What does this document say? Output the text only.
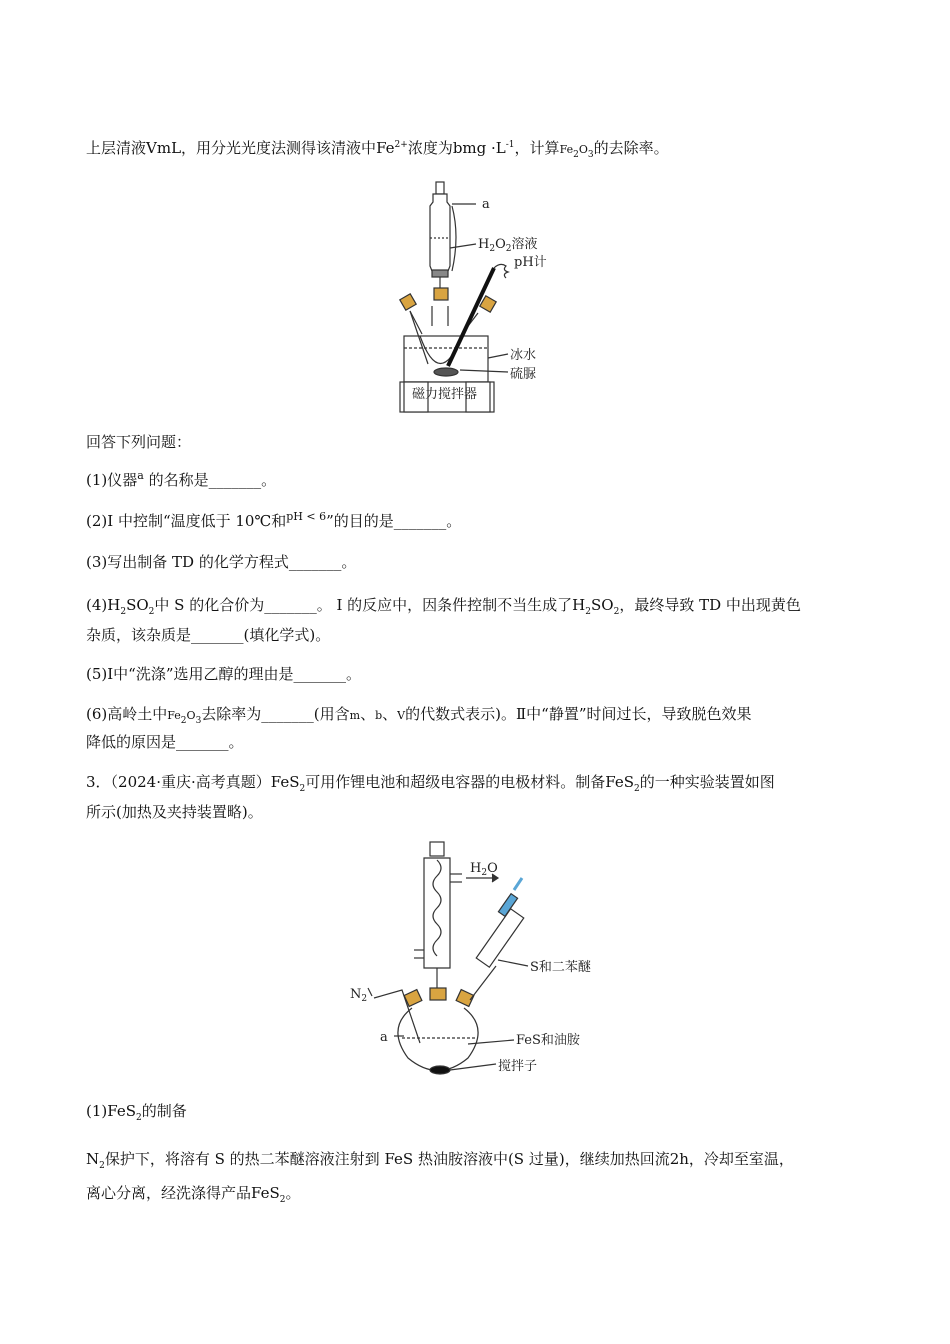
上层清液VmL，用分光光度法测得该清液中$Fe^{2+}$浓度为bmg $\cdot L^{-1}$，计算$Fe_2O_3$的去除率。
a
$H_2O_2$溶液
pH计
冰水
硫脲
磁力搅拌器
回答下列问题：
(1)仪器$^a$ 的名称是_______。
(2)I 中控制“温度低于 10℃和$^{pH < 6}$”的目的是_______。
(3)写出制备 TD 的化学方程式_______。
$(4)H_2SO_2$中 S 的化合价为_______。 Ⅰ 的反应中，因条件控制不当生成了$H_2SO_2$，最终导致 TD 中出现黄色
杂质，该杂质是_______(填化学式)。
(5)Ⅰ中“洗涤”选用乙醇的理由是_______。
(6)高岭土中$Fe_2O_3$去除率为_______(用含m、b、V的代数式表示)。Ⅱ中“静置”时间过长，导致脱色效果
降低的原因是_______。
3．（2024·重庆·高考真题）FeS$_2$可用作锂电池和超级电容器的电极材料。制备FeS$_2$的一种实验装置如图
所示(加热及夹持装置略)。
$H_2O$
S和二苯醚
$N_2$
a	FeS和油胺
搅拌子
(1)FeS$_2$的制备
$N_2$保护下，将溶有 S 的热二苯醚溶液注射到 FeS 热油胺溶液中(S 过量)，继续加热回流2h，冷却至室温，
离心分离，经洗涤得产品FeS$_2$。
